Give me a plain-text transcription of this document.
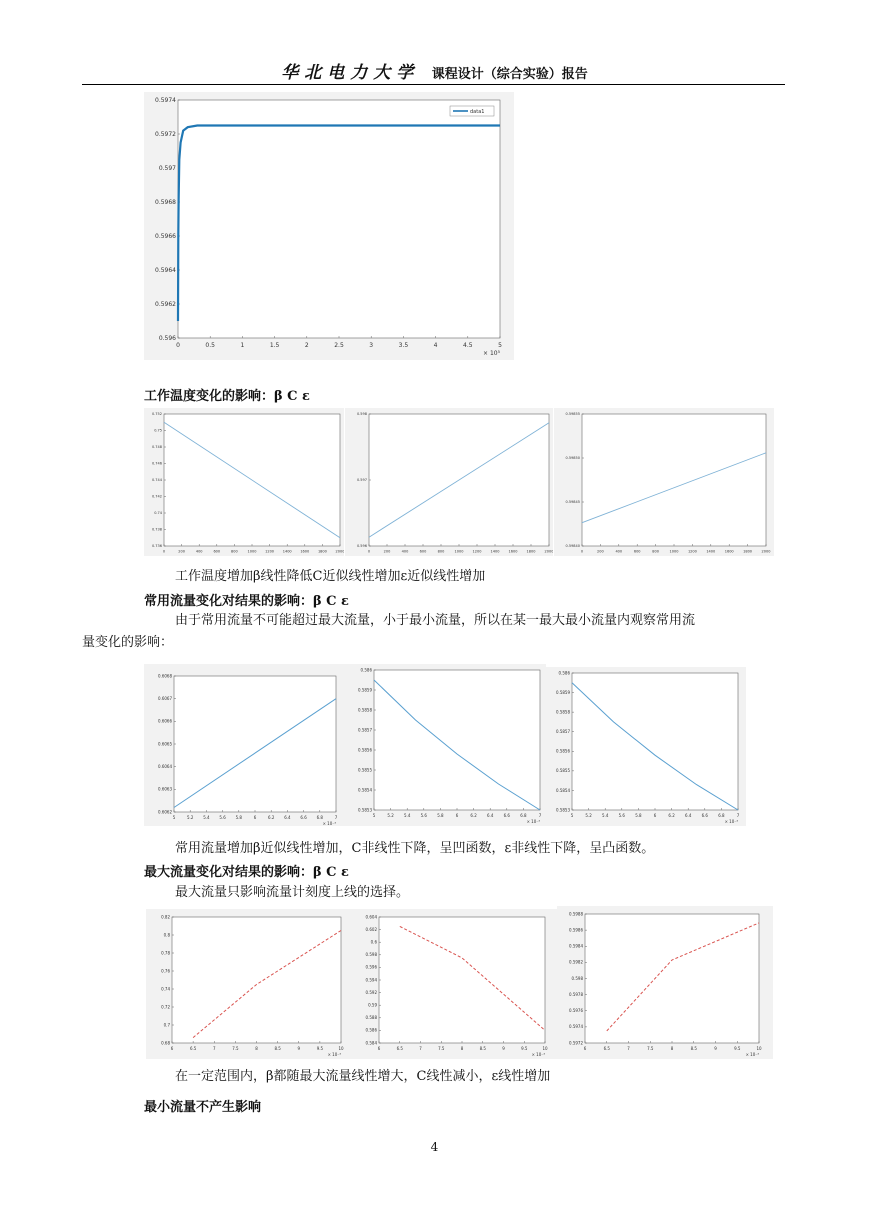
华北电力大学 课程设计（综合实验）报告
0	0.5	1	1.5	2	2.5	3	3.5	4	4.5	5
0.596
0.5962
0.5964
0.5966
0.5968
0.597
0.5972
0.5974
× 10⁵
data1
工作温度变化的影响：β C ε
0	200	400	600	800	1000 1200 1400 1600 1800 2000
0.736
0.738
0.74
0.742
0.744
0.746
0.748
0.75
0.752
0	200	400	600	800	1000	1200	1400	1600	1800	2000
0.596
0.597
0.598
0	200	400	600	800	1000	1200	1400	1600	1800	2000
0.59840
0.59845
0.59850
0.59855
工作温度增加β线性降低C近似线性增加ε近似线性增加
常用流量变化对结果的影响：β C ε
由于常用流量不可能超过最大流量，小于最小流量，所以在某一最大最小流量内观察常用流
量变化的影响：
5	5.2 5.4 5.6 5.8	6	6.2 6.4 6.6 6.8	7
0.6062
0.6063
0.6064
0.6065
0.6066
0.6067
0.6068
× 10⁻³
5	5.2	5.4	5.6	5.8	6	6.2	6.4	6.6	6.8	7
0.5853
0.5854
0.5855
0.5856
0.5857
0.5858
0.5859
0.586
× 10⁻³
5	5.2	5.4	5.6	5.8	6	6.2	6.4	6.6	6.8	7
0.5853
0.5854
0.5855
0.5856
0.5857
0.5858
0.5859
0.586
× 10⁻³
常用流量增加β近似线性增加，C非线性下降，呈凹函数，ε非线性下降，呈凸函数。
最大流量变化对结果的影响：β C ε
最大流量只影响流量计刻度上线的选择。
6	6.5	7	7.5	8	8.5	9	9.5	10
0.68
0.7
0.72
0.74
0.76
0.78
0.8
0.82
× 10⁻³
6	6.5	7	7.5	8	8.5	9	9.5	10
0.584
0.586
0.588
0.59
0.592
0.594
0.596
0.598
0.6
0.602
0.604
× 10⁻³
6	6.5	7	7.5	8	8.5	9	9.5	10
0.5972
0.5974
0.5976
0.5978
0.598
0.5982
0.5984
0.5986
0.5988
× 10⁻³
在一定范围内，β都随最大流量线性增大，C线性减小，ε线性增加
最小流量不产生影响
4
